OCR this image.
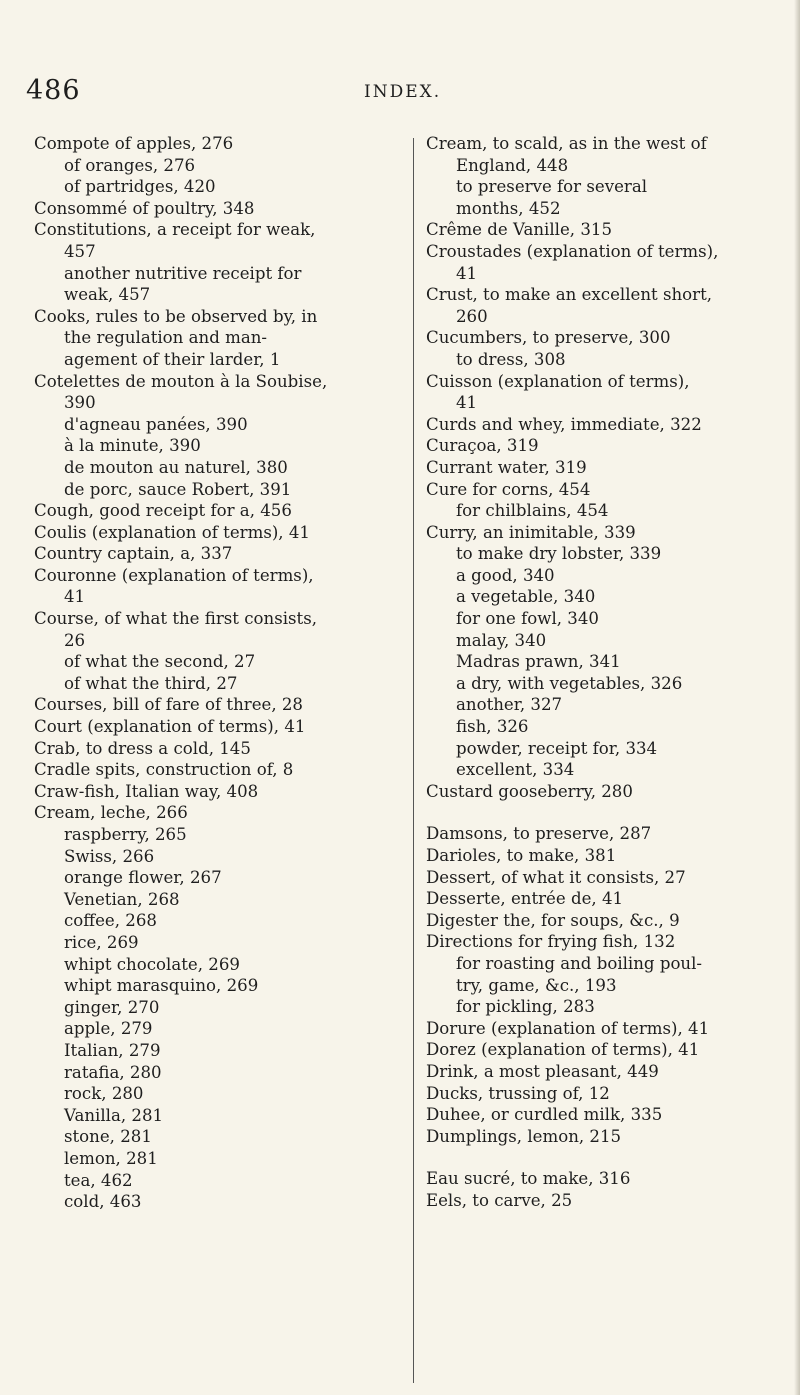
486	INDEX.
Compote of apples, 276
of oranges, 276
of partridges, 420
Consommé of poultry, 348
Constitutions, a receipt for weak,
457
another nutritive receipt for
weak, 457
Cooks, rules to be observed by, in
the regulation and man-
agement of their larder, 1
Cotelettes de mouton à la Soubise,
390
d'agneau panées, 390
à la minute, 390
de mouton au naturel, 380
de porc, sauce Robert, 391
Cough, good receipt for a, 456
Coulis (explanation of terms), 41
Country captain, a, 337
Couronne (explanation of terms),
41
Course, of what the first consists,
26
of what the second, 27
of what the third, 27
Courses, bill of fare of three, 28
Court (explanation of terms), 41
Crab, to dress a cold, 145
Cradle spits, construction of, 8
Craw-fish, Italian way, 408
Cream, leche, 266
raspberry, 265
Swiss, 266
orange flower, 267
Venetian, 268
coffee, 268
rice, 269
whipt chocolate, 269
whipt marasquino, 269
ginger, 270
apple, 279
Italian, 279
ratafia, 280
rock, 280
Vanilla, 281
stone, 281
lemon, 281
tea, 462
cold, 463
Cream, to scald, as in the west of
England, 448
to preserve for several
months, 452
Crême de Vanille, 315
Croustades (explanation of terms),
41
Crust, to make an excellent short,
260
Cucumbers, to preserve, 300
to dress, 308
Cuisson (explanation of terms),
41
Curds and whey, immediate, 322
Curaçoa, 319
Currant water, 319
Cure for corns, 454
for chilblains, 454
Curry, an inimitable, 339
to make dry lobster, 339
a good, 340
a vegetable, 340
for one fowl, 340
malay, 340
Madras prawn, 341
a dry, with vegetables, 326
another, 327
fish, 326
powder, receipt for, 334
excellent, 334
Custard gooseberry, 280
Damsons, to preserve, 287
Darioles, to make, 381
Dessert, of what it consists, 27
Desserte, entrée de, 41
Digester the, for soups, &c., 9
Directions for frying fish, 132
for roasting and boiling poul-
try, game, &c., 193
for pickling, 283
Dorure (explanation of terms), 41
Dorez (explanation of terms), 41
Drink, a most pleasant, 449
Ducks, trussing of, 12
Duhee, or curdled milk, 335
Dumplings, lemon, 215
Eau sucré, to make, 316
Eels, to carve, 25
